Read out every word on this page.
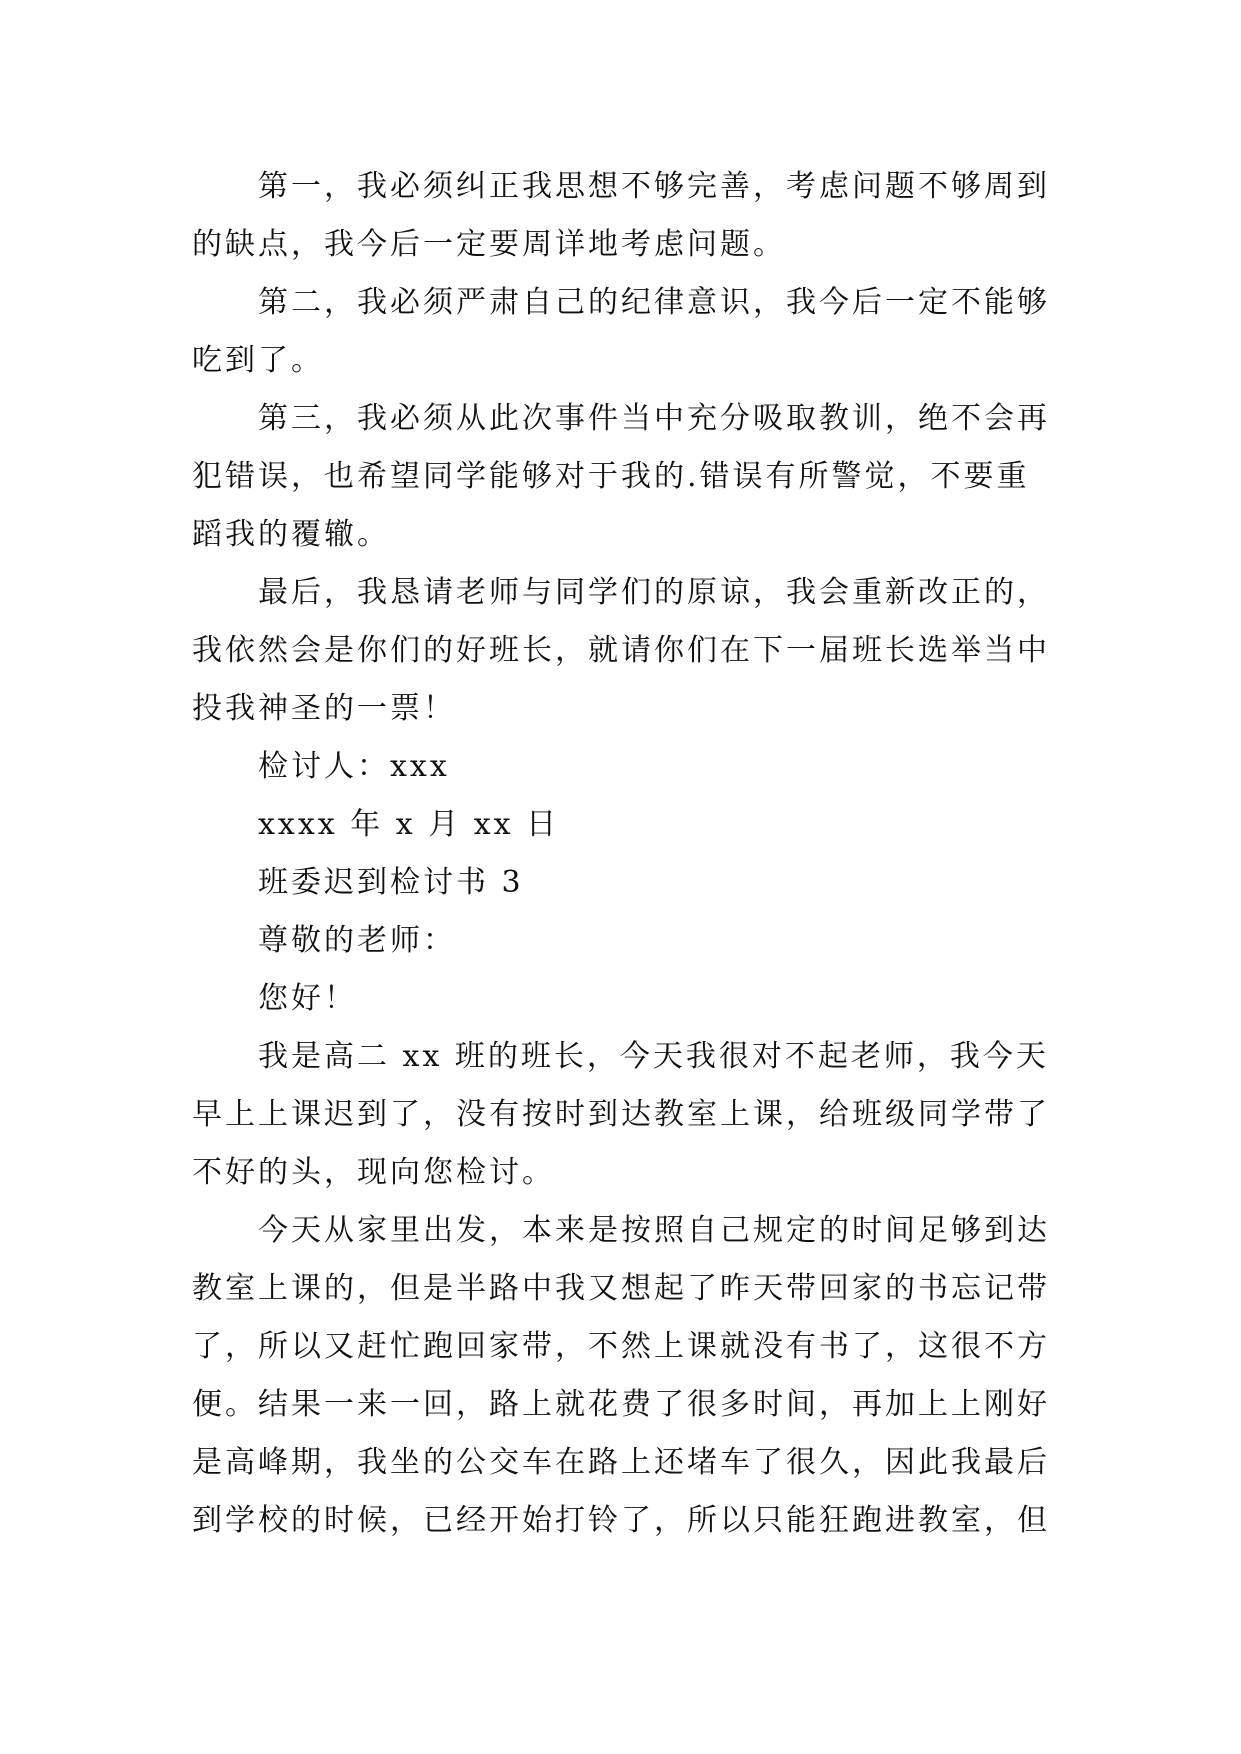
第一，我必须纠正我思想不够完善，考虑问题不够周到的缺点，我今后一定要周详地考虑问题。

第二，我必须严肃自己的纪律意识，我今后一定不能够吃到了。

第三，我必须从此次事件当中充分吸取教训，绝不会再犯错误，也希望同学能够对于我的.错误有所警觉，不要重蹈我的覆辙。

最后，我恳请老师与同学们的原谅，我会重新改正的，我依然会是你们的好班长，就请你们在下一届班长选举当中投我神圣的一票！

检讨人：xxx

xxxx 年 x 月 xx 日

班委迟到检讨书 3

尊敬的老师：

您好！

我是高二 xx 班的班长，今天我很对不起老师，我今天早上上课迟到了，没有按时到达教室上课，给班级同学带了不好的头，现向您检讨。

今天从家里出发，本来是按照自己规定的时间足够到达教室上课的，但是半路中我又想起了昨天带回家的书忘记带了，所以又赶忙跑回家带，不然上课就没有书了，这很不方便。结果一来一回，路上就花费了很多时间，再加上上刚好是高峰期，我坐的公交车在路上还堵车了很久，因此我最后到学校的时候，已经开始打铃了，所以只能狂跑进教室，但
